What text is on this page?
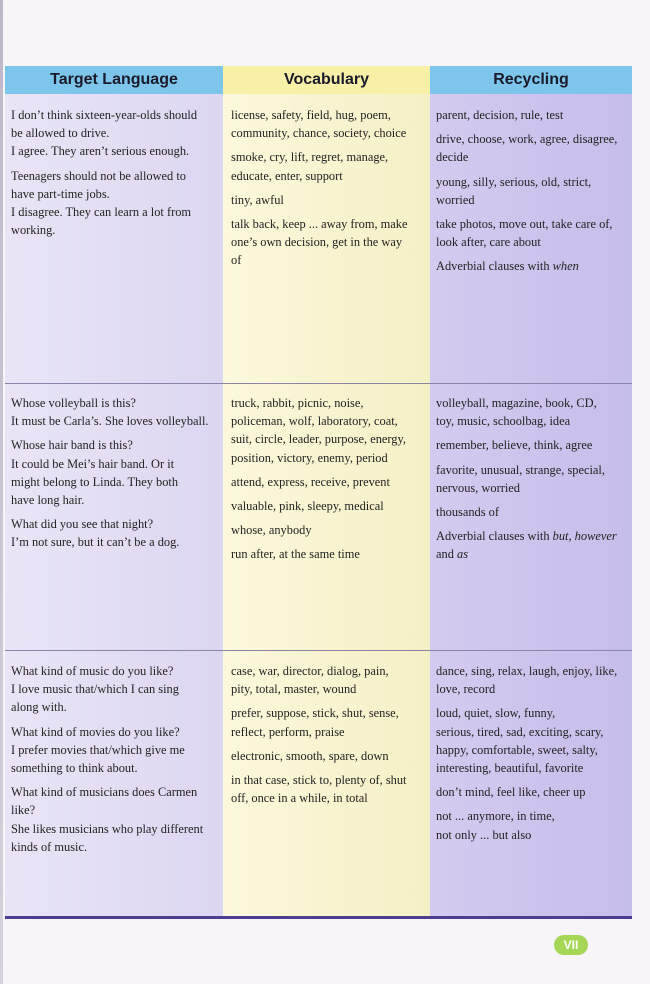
Target Language	Vocabulary	Recycling

I don’t think sixteen-year-olds should
be allowed to drive.
I agree. They aren’t serious enough.

Teenagers should not be allowed to
have part-time jobs.
I disagree. They can learn a lot from
working.

license, safety, field, hug, poem,
community, chance, society, choice

smoke, cry, lift, regret, manage,
educate, enter, support

tiny, awful

talk back, keep ... away from, make
one’s own decision, get in the way
of

parent, decision, rule, test

drive, choose, work, agree, disagree,
decide

young, silly, serious, old, strict,
worried

take photos, move out, take care of,
look after, care about

Adverbial clauses with when

Whose volleyball is this?
It must be Carla’s. She loves volleyball.

Whose hair band is this?
It could be Mei’s hair band. Or it
might belong to Linda. They both
have long hair.

What did you see that night?
I’m not sure, but it can’t be a dog.

truck, rabbit, picnic, noise,
policeman, wolf, laboratory, coat,
suit, circle, leader, purpose, energy,
position, victory, enemy, period

attend, express, receive, prevent

valuable, pink, sleepy, medical

whose, anybody

run after, at the same time

volleyball, magazine, book, CD,
toy, music, schoolbag, idea

remember, believe, think, agree

favorite, unusual, strange, special,
nervous, worried

thousands of

Adverbial clauses with but, however
and as

What kind of music do you like?
I love music that/which I can sing
along with.

What kind of movies do you like?
I prefer movies that/which give me
something to think about.

What kind of musicians does Carmen
like?
She likes musicians who play different
kinds of music.

case, war, director, dialog, pain,
pity, total, master, wound

prefer, suppose, stick, shut, sense,
reflect, perform, praise

electronic, smooth, spare, down

in that case, stick to, plenty of, shut
off, once in a while, in total

dance, sing, relax, laugh, enjoy, like,
love, record

loud, quiet, slow, funny,
serious, tired, sad, exciting, scary,
happy, comfortable, sweet, salty,
interesting, beautiful, favorite

don’t mind, feel like, cheer up

not ... anymore, in time,
not only ... but also

VII
